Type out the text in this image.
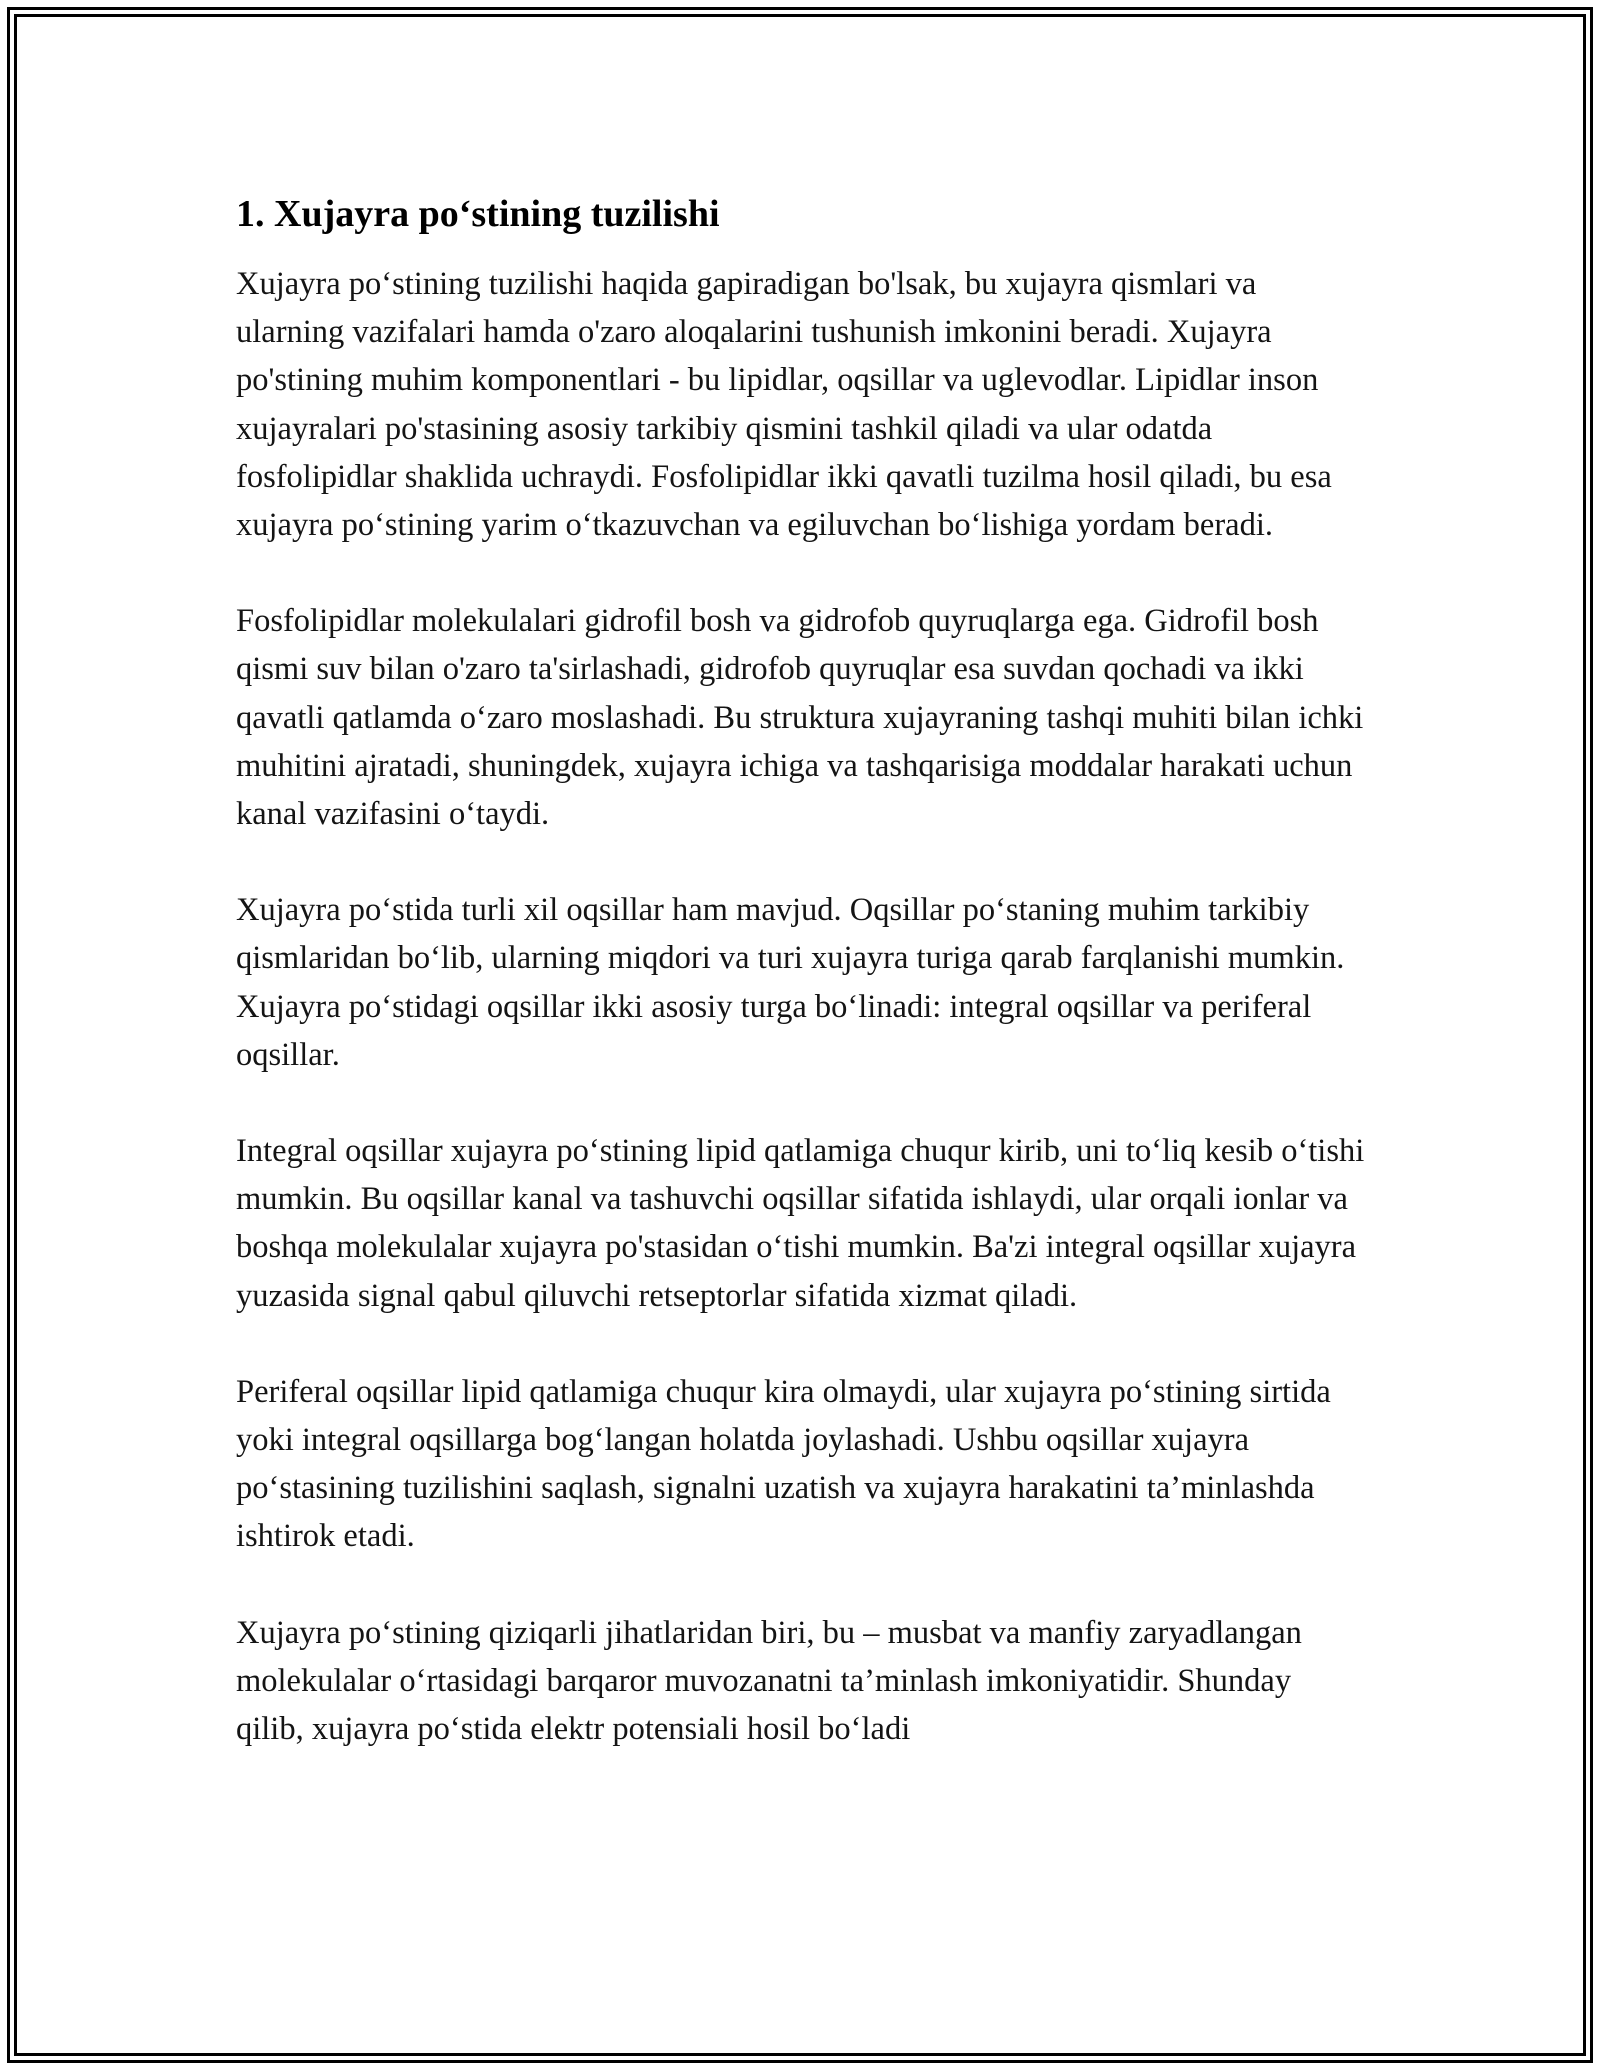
1. Xujayra po‘stining tuzilishi

Xujayra po‘stining tuzilishi haqida gapiradigan bo'lsak, bu xujayra qismlari va ularning vazifalari hamda o'zaro aloqalarini tushunish imkonini beradi. Xujayra po'stining muhim komponentlari - bu lipidlar, oqsillar va uglevodlar. Lipidlar inson xujayralari po'stasining asosiy tarkibiy qismini tashkil qiladi va ular odatda fosfolipidlar shaklida uchraydi. Fosfolipidlar ikki qavatli tuzilma hosil qiladi, bu esa xujayra po‘stining yarim o‘tkazuvchan va egiluvchan bo‘lishiga yordam beradi.

Fosfolipidlar molekulalari gidrofil bosh va gidrofob quyruqlarga ega. Gidrofil bosh qismi suv bilan o'zaro ta'sirlashadi, gidrofob quyruqlar esa suvdan qochadi va ikki qavatli qatlamda o‘zaro moslashadi. Bu struktura xujayraning tashqi muhiti bilan ichki muhitini ajratadi, shuningdek, xujayra ichiga va tashqarisiga moddalar harakati uchun kanal vazifasini o‘taydi.

Xujayra po‘stida turli xil oqsillar ham mavjud. Oqsillar po‘staning muhim tarkibiy qismlaridan bo‘lib, ularning miqdori va turi xujayra turiga qarab farqlanishi mumkin. Xujayra po‘stidagi oqsillar ikki asosiy turga bo‘linadi: integral oqsillar va periferal oqsillar.

Integral oqsillar xujayra po‘stining lipid qatlamiga chuqur kirib, uni to‘liq kesib o‘tishi mumkin. Bu oqsillar kanal va tashuvchi oqsillar sifatida ishlaydi, ular orqali ionlar va boshqa molekulalar xujayra po'stasidan o‘tishi mumkin. Ba'zi integral oqsillar xujayra yuzasida signal qabul qiluvchi retseptorlar sifatida xizmat qiladi.

Periferal oqsillar lipid qatlamiga chuqur kira olmaydi, ular xujayra po‘stining sirtida yoki integral oqsillarga bog‘langan holatda joylashadi. Ushbu oqsillar xujayra po‘stasining tuzilishini saqlash, signalni uzatish va xujayra harakatini ta’minlashda ishtirok etadi.

Xujayra po‘stining qiziqarli jihatlaridan biri, bu – musbat va manfiy zaryadlangan molekulalar o‘rtasidagi barqaror muvozanatni ta’minlash imkoniyatidir. Shunday qilib, xujayra po‘stida elektr potensiali hosil bo‘ladi
